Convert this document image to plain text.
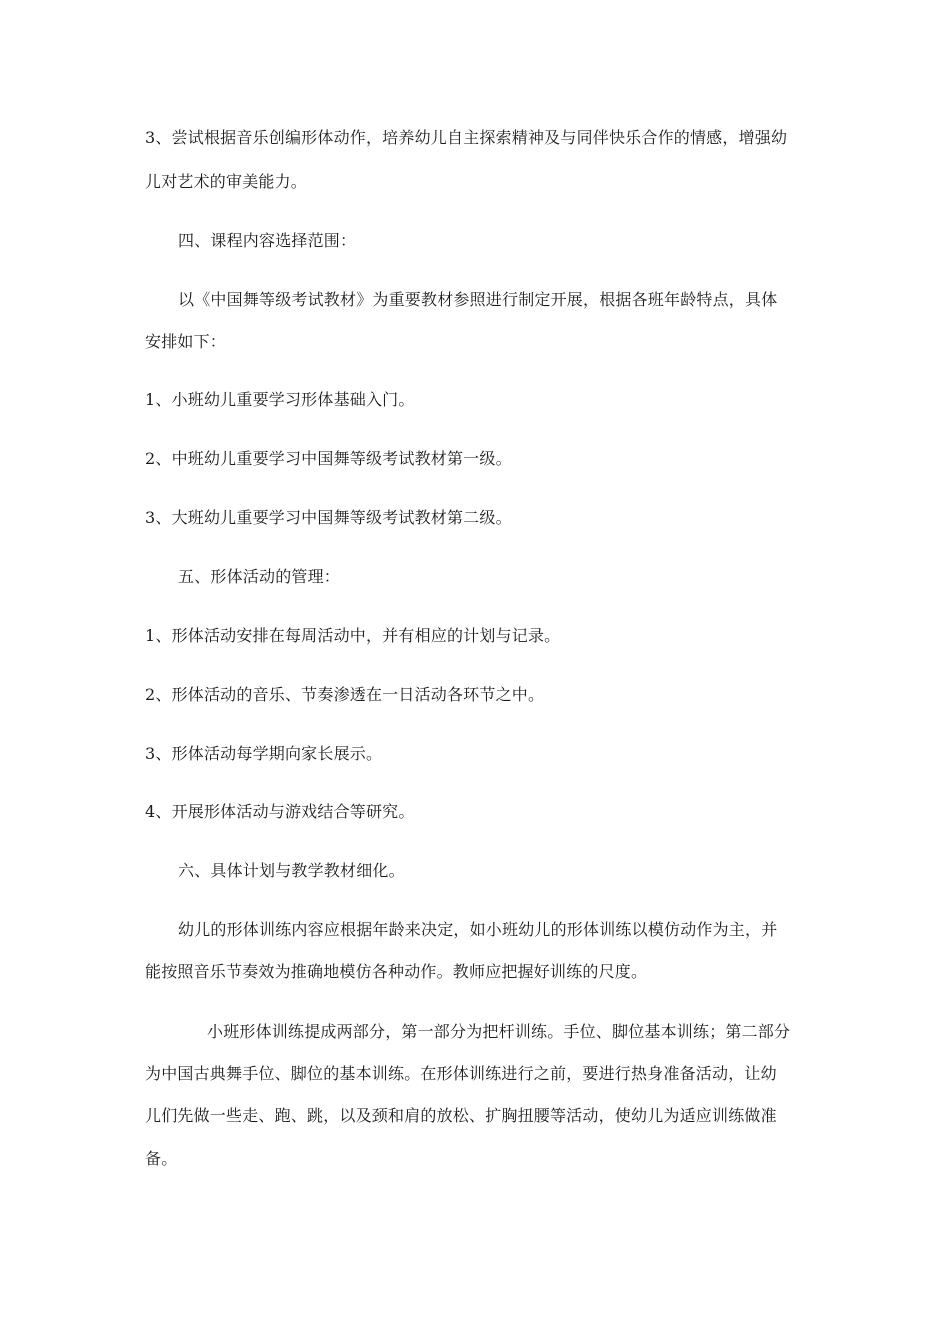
3、尝试根据音乐创编形体动作，培养幼儿自主探索精神及与同伴快乐合作的情感，增强幼
儿对艺术的审美能力。
四、课程内容选择范围：
以《中国舞等级考试教材》为重要教材参照进行制定开展，根据各班年龄特点，具体
安排如下：
1、小班幼儿重要学习形体基础入门。
2、中班幼儿重要学习中国舞等级考试教材第一级。
3、大班幼儿重要学习中国舞等级考试教材第二级。
五、形体活动的管理：
1、形体活动安排在每周活动中，并有相应的计划与记录。
2、形体活动的音乐、节奏渗透在一日活动各环节之中。
3、形体活动每学期向家长展示。
4、开展形体活动与游戏结合等研究。
六、具体计划与教学教材细化。
幼儿的形体训练内容应根据年龄来决定，如小班幼儿的形体训练以模仿动作为主，并
能按照音乐节奏效为推确地模仿各种动作。教师应把握好训练的尺度。
小班形体训练提成两部分，第一部分为把杆训练。手位、脚位基本训练；第二部分
为中国古典舞手位、脚位的基本训练。在形体训练进行之前，要进行热身准备活动，让幼
儿们先做一些走、跑、跳，以及颈和肩的放松、扩胸扭腰等活动，使幼儿为适应训练做准
备。
